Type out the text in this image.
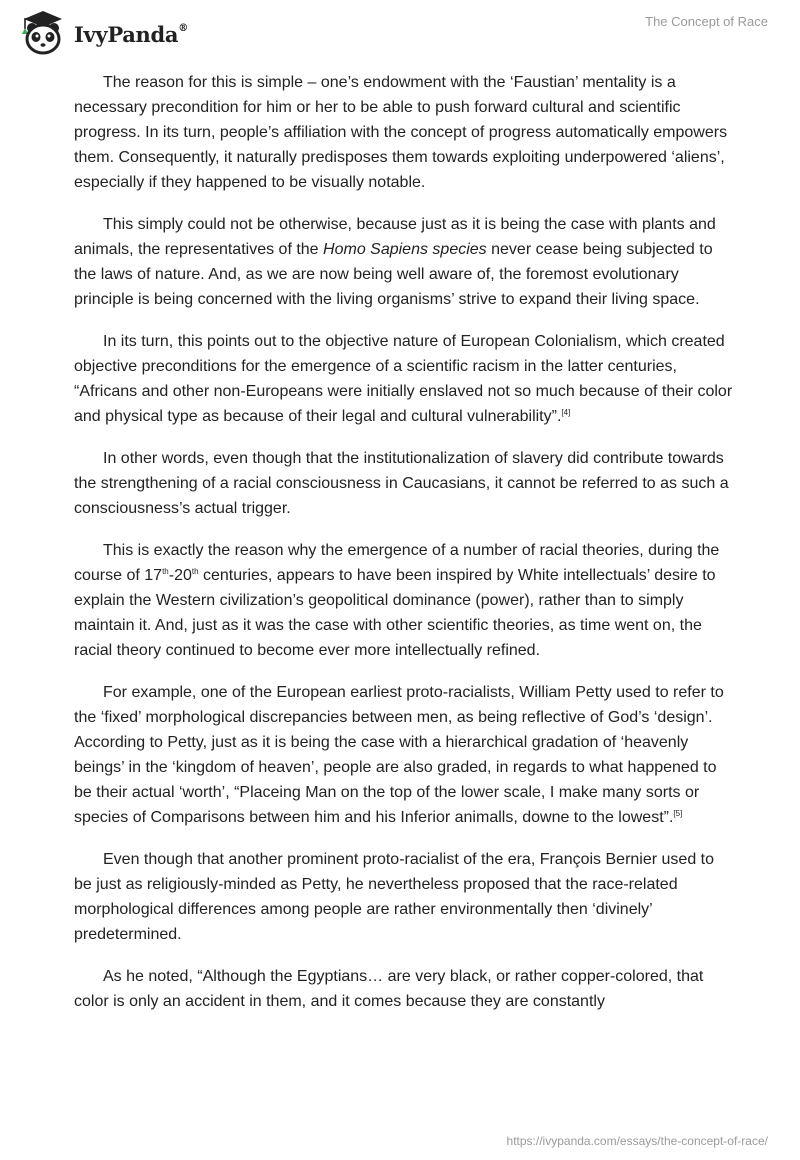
IvyPanda®	The Concept of Race

The reason for this is simple – one’s endowment with the ‘Faustian’ mentality is a necessary precondition for him or her to be able to push forward cultural and scientific progress. In its turn, people’s affiliation with the concept of progress automatically empowers them. Consequently, it naturally predisposes them towards exploiting underpowered ‘aliens’, especially if they happened to be visually notable.

This simply could not be otherwise, because just as it is being the case with plants and animals, the representatives of the Homo Sapiens species never cease being subjected to the laws of nature. And, as we are now being well aware of, the foremost evolutionary principle is being concerned with the living organisms’ strive to expand their living space.

In its turn, this points out to the objective nature of European Colonialism, which created objective preconditions for the emergence of a scientific racism in the latter centuries, “Africans and other non-Europeans were initially enslaved not so much because of their color and physical type as because of their legal and cultural vulnerability”.[4]

In other words, even though that the institutionalization of slavery did contribute towards the strengthening of a racial consciousness in Caucasians, it cannot be referred to as such a consciousness’s actual trigger.

This is exactly the reason why the emergence of a number of racial theories, during the course of 17th-20th centuries, appears to have been inspired by White intellectuals’ desire to explain the Western civilization’s geopolitical dominance (power), rather than to simply maintain it. And, just as it was the case with other scientific theories, as time went on, the racial theory continued to become ever more intellectually refined.

For example, one of the European earliest proto-racialists, William Petty used to refer to the ‘fixed’ morphological discrepancies between men, as being reflective of God’s ‘design’. According to Petty, just as it is being the case with a hierarchical gradation of ‘heavenly beings’ in the ‘kingdom of heaven’, people are also graded, in regards to what happened to be their actual ‘worth’, “Placeing Man on the top of the lower scale, I make many sorts or species of Comparisons between him and his Inferior animalls, downe to the lowest”.[5]

Even though that another prominent proto-racialist of the era, François Bernier used to be just as religiously-minded as Petty, he nevertheless proposed that the race-related morphological differences among people are rather environmentally then ‘divinely’ predetermined.

As he noted, “Although the Egyptians… are very black, or rather copper-colored, that color is only an accident in them, and it comes because they are constantly

https://ivypanda.com/essays/the-concept-of-race/
